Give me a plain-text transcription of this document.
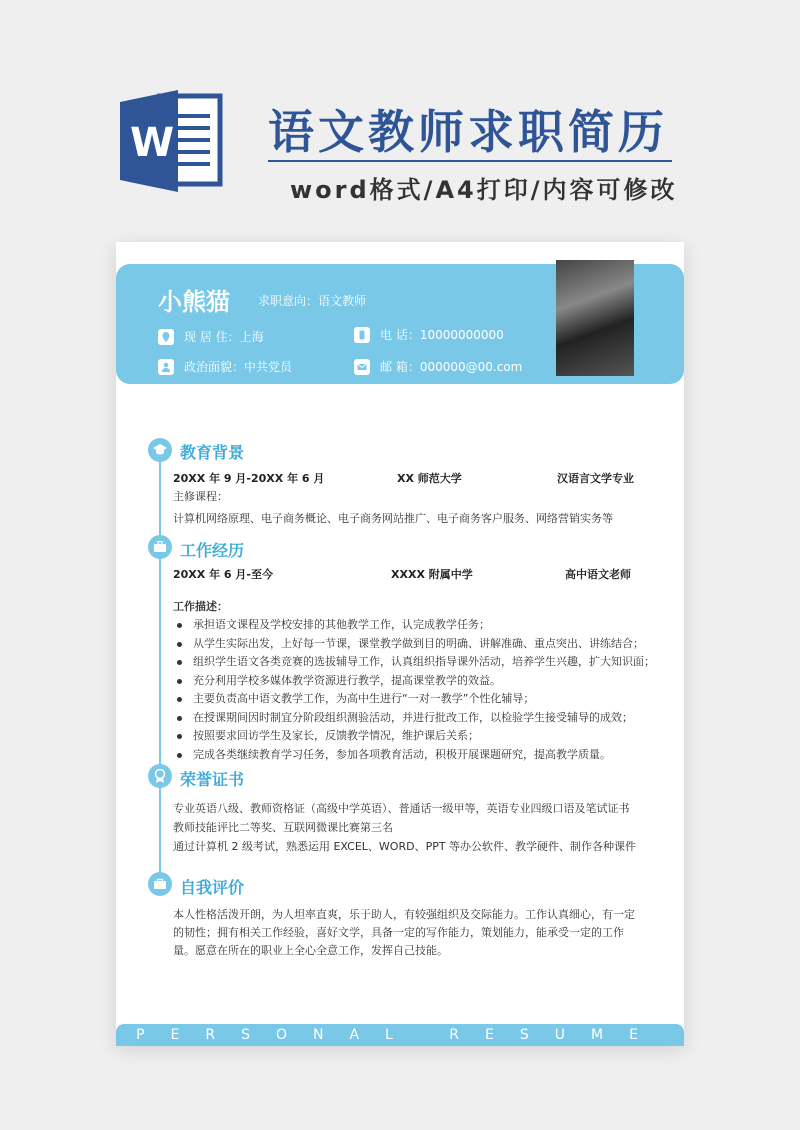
W 语文教师求职简历
word格式/A4打印/内容可修改
小熊猫 求职意向：语文教师
现 居 住：上海
政治面貌：中共党员
电 话：10000000000
邮 箱：000000@00.com
教育背景
20XX 年 9 月-20XX 年 6 月	XX 师范大学	汉语言文学专业
主修课程：
计算机网络原理、电子商务概论、电子商务网站推广、电子商务客户服务、网络营销实务等
工作经历
20XX 年 6 月-至今	XXXX 附属中学	高中语文老师
工作描述：
承担语文课程及学校安排的其他教学工作，认完成教学任务；
从学生实际出发，上好每一节课，课堂教学做到目的明确、讲解准确、重点突出、讲练结合；
组织学生语文各类竞赛的选拔辅导工作，认真组织指导课外活动，培养学生兴趣，扩大知识面；
充分利用学校多媒体教学资源进行教学，提高课堂教学的效益。
主要负责高中语文教学工作，为高中生进行“一对一教学”个性化辅导；
在授课期间因时制宜分阶段组织测验活动，并进行批改工作，以检验学生接受辅导的成效；
按照要求回访学生及家长，反馈教学情况，维护课后关系；
完成各类继续教育学习任务，参加各项教育活动，积极开展课题研究，提高教学质量。
荣誉证书
专业英语八级、教师资格证（高级中学英语）、普通话一级甲等，英语专业四级口语及笔试证书
教师技能评比二等奖、互联网微课比赛第三名
通过计算机 2 级考试，熟悉运用 EXCEL、WORD、PPT 等办公软件、教学硬件、制作各种课件
自我评价
本人性格活泼开朗，为人坦率直爽，乐于助人，有较强组织及交际能力。工作认真细心，有一定的韧性；拥有相关工作经验，喜好文学，具备一定的写作能力，策划能力，能承受一定的工作量。愿意在所在的职业上全心全意工作，发挥自己技能。
PERSONAL RESUME
